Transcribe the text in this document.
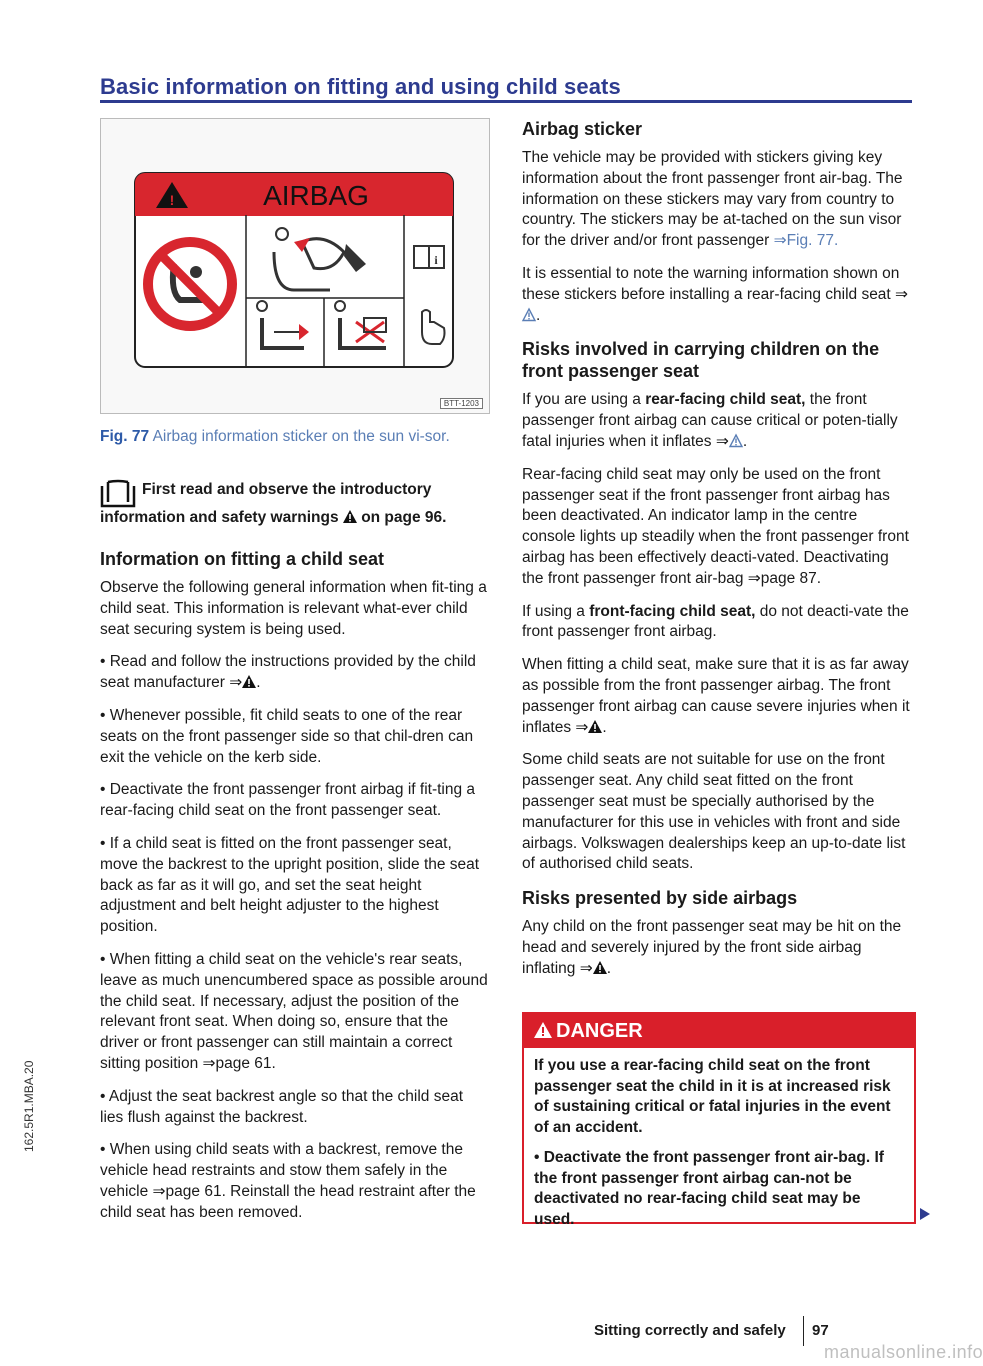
Basic information on fitting and using child seats
BTT-1203
!	AIRBAG
i
Fig. 77 Airbag information sticker on the sun vi-sor.
First read and observe the introductory information and safety warnings on page 96.
Information on fitting a child seat

Observe the following general information when fit-ting a child seat. This information is relevant what-ever child seat securing system is being used.

• Read and follow the instructions provided by the child seat manufacturer ⇒ .

• Whenever possible, fit child seats to one of the rear seats on the front passenger side so that chil-dren can exit the vehicle on the kerb side.

• Deactivate the front passenger front airbag if fit-ting a rear-facing child seat on the front passenger seat.

• If a child seat is fitted on the front passenger seat, move the backrest to the upright position, slide the seat back as far as it will go, and set the seat height adjustment and belt height adjuster to the highest position.

• When fitting a child seat on the vehicle's rear seats, leave as much unencumbered space as possible around the child seat. If necessary, adjust the position of the relevant front seat. When doing so, ensure that the driver or front passenger can still maintain a correct sitting position ⇒page 61.

• Adjust the seat backrest angle so that the child seat lies flush against the backrest.

• When using child seats with a backrest, remove the vehicle head restraints and stow them safely in the vehicle ⇒page 61. Reinstall the head restraint after the child seat has been removed.

Airbag sticker

The vehicle may be provided with stickers giving key information about the front passenger front air-bag. The information on these stickers may vary from country to country. The stickers may be at-tached on the sun visor for the driver and/or front passenger ⇒Fig. 77.

It is essential to note the warning information shown on these stickers before installing a rear-facing child seat ⇒.

Risks involved in carrying children on the front passenger seat

If you are using a rear-facing child seat, the front passenger front airbag can cause critical or poten-tially fatal injuries when it inflates ⇒ .

Rear-facing child seat may only be used on the front passenger seat if the front passenger front airbag has been deactivated. An indicator lamp in the centre console lights up steadily when the front passenger front airbag has been effectively deacti-vated. Deactivating the front passenger front air-bag ⇒page 87.

If using a front-facing child seat, do not deacti-vate the front passenger front airbag.

When fitting a child seat, make sure that it is as far away as possible from the front passenger airbag. The front passenger front airbag can cause severe injuries when it inflates ⇒ .

Some child seats are not suitable for use on the front passenger seat. Any child seat fitted on the front passenger seat must be specially authorised by the manufacturer for this use in vehicles with front and side airbags. Volkswagen dealerships keep an up-to-date list of authorised child seats.

Risks presented by side airbags

Any child on the front passenger seat may be hit on the head and severely injured by the front side airbag inflating ⇒ .

DANGER

If you use a rear-facing child seat on the front passenger seat the child in it is at increased risk of sustaining critical or fatal injuries in the event of an accident.

• Deactivate the front passenger front air-bag. If the front passenger front airbag can-not be deactivated no rear-facing child seat may be used.

162.5R1.MBA.20
Sitting correctly and safely 97
manualsonline.info
